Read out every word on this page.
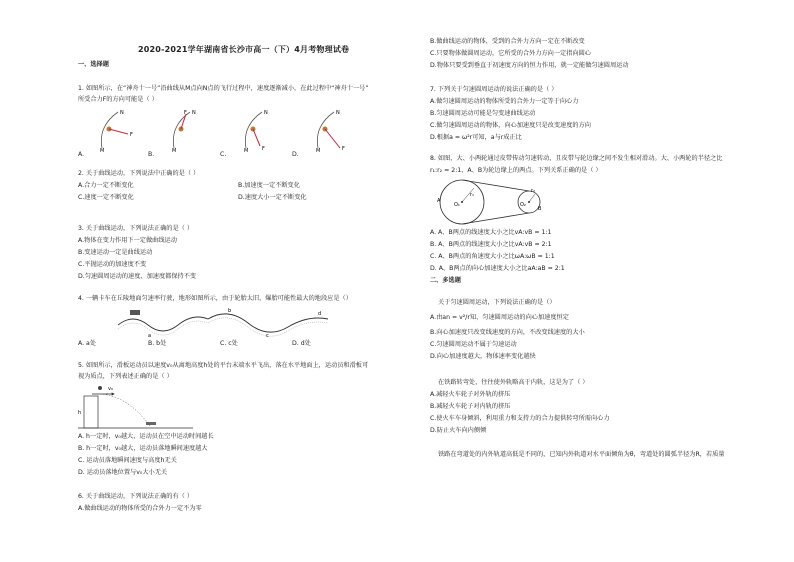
2020-2021学年湖南省长沙市高一（下）4月考物理试卷
一、选择题
1. 如图所示，在“神舟十一号”沿曲线从M点向N点的飞行过程中，速度逐渐减小，在此过程中“神舟十一号”
所受合力F的方向可能是（ ）
F
M
N	F
M
N
F
M
N
F
M
N
A.	B.	C.	D.
2. 关于曲线运动，下列说法中正确的是（ ）
A.合力一定不断变化	B.加速度一定不断变化
C.速度一定不断变化	D.速度大小一定不断变化
3. 关于曲线运动，下列说法正确的是（ ）
A.物体在变力作用下一定做曲线运动
B.变速运动一定是曲线运动
C.平抛运动的加速度不变
D.匀速圆周运动的速度、加速度都保持不变
4. 一辆卡车在丘陵地面匀速率行驶，地形如图所示，由于轮胎太旧，爆胎可能性最大的地段应是（）
a
b
c
d
A. a处	B. b处	C. c处	D. d处
5. 如图所示，滑板运动员以速度v₀从离地高度h处的平台末端水平飞出，落在水平地面上，运动员和滑板可
视为质点，下列表述正确的是（ ）
v₀
h
A. h一定时，v₀越大，运动员在空中运动时间越长
B. h一定时，v₀越大，运动员落地瞬间速度越大
C. 运动员落地瞬间速度与高度h无关
D. 运动员落地位置与v₀大小无关
6. 关于曲线运动，下列说法正确的有（ ）
A.做曲线运动的物体所受的合外力一定不为零
B.做曲线运动的物体，受到的合外力方向一定在不断改变
C.只要物体做圆周运动，它所受的合外力方向一定指向圆心
D.物体只要受到垂直于初速度方向的恒力作用，就一定能做匀速圆周运动
7. 下列关于匀速圆周运动的说法正确的是（ ）
A.做匀速圆周运动的物体所受的合外力一定等于向心力
B.匀速圆周运动可能是匀变速曲线运动
C.做匀速圆周运动的物体，向心加速度只是改变速度的方向
D.根据a = ω²r可知，a与r成正比
8. 如图，大、小两轮通过皮带传动匀速转动，且皮带与轮边缘之间不发生相对滑动。大、小两轮的半径之比
r₁:r₂ = 2:1，A、B为轮边缘上的两点。下列关系正确的是（ ）
O₁	O₂
r₁
r₂
B
A
A. A、B两点的线速度大小之比vA:vB = 1:1
B. A、B两点的线速度大小之比vA:vB = 2:1
C. A、B两点的角速度大小之比ωA:ωB = 1:1
D. A、B两点的向心加速度大小之比aA:aB = 2:1
二、多选题
关于匀速圆周运动，下列说法正确的是（）
A.由an = v²/r知，匀速圆周运动的向心加速度恒定
B.向心加速度只改变线速度的方向，不改变线速度的大小
C.匀速圆周运动不属于匀速运动
D.向心加速度越大，物体速率变化越快
在铁路转弯处，往往使外轨略高于内轨，这是为了（ ）
A.减轻火车轮子对外轨的挤压
B.减轻火车轮子对内轨的挤压
C.使火车车身倾斜，利用重力和支持力的合力提供转弯所需向心力
D.防止火车向内侧倾
铁路在弯道处的内外轨道高低是不同的，已知内外轨道对水平面倾角为θ，弯道处的圆弧半径为R，若质量
